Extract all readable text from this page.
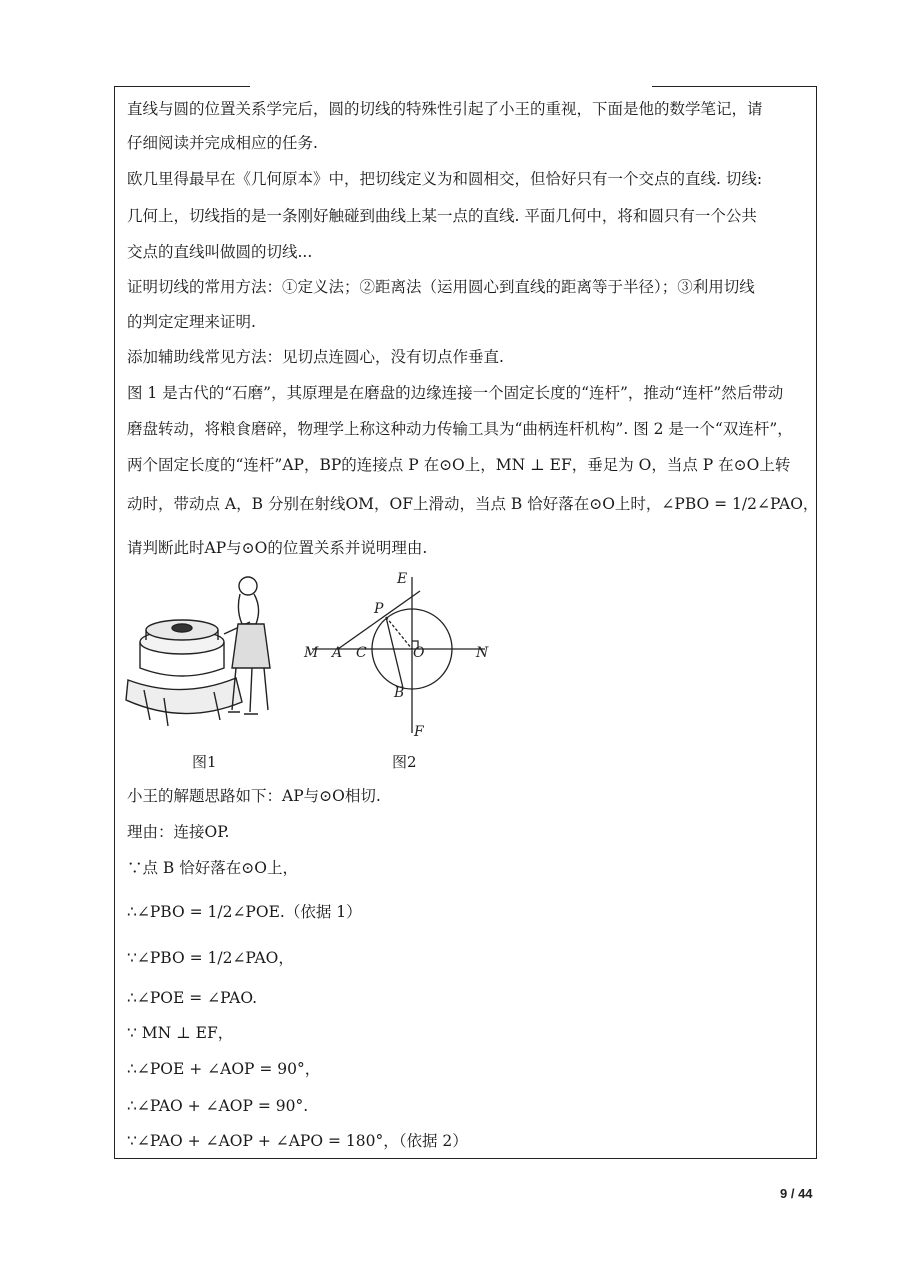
直线与圆的位置关系学完后，圆的切线的特殊性引起了小王的重视，下面是他的数学笔记，请
仔细阅读并完成相应的任务.
欧几里得最早在《几何原本》中，把切线定义为和圆相交，但恰好只有一个交点的直线. 切线:
几何上，切线指的是一条刚好触碰到曲线上某一点的直线. 平面几何中，将和圆只有一个公共
交点的直线叫做圆的切线...
证明切线的常用方法：①定义法；②距离法（运用圆心到直线的距离等于半径）；③利用切线
的判定定理来证明.
添加辅助线常见方法：见切点连圆心，没有切点作垂直.
图 1 是古代的“石磨”，其原理是在磨盘的边缘连接一个固定长度的“连杆”，推动“连杆”然后带动
磨盘转动，将粮食磨碎，物理学上称这种动力传输工具为“曲柄连杆机构”. 图 2 是一个“双连杆”，
两个固定长度的“连杆”AP，BP的连接点 P 在⊙O上，MN ⊥ EF，垂足为 O，当点 P 在⊙O上转
动时，带动点 A，B 分别在射线OM，OF上滑动，当点 B 恰好落在⊙O上时，∠PBO = 1/2∠PAO，
请判断此时AP与⊙O的位置关系并说明理由.
图1
E
P
M A C	O	N
B
F
图2
小王的解题思路如下：AP与⊙O相切.
理由：连接OP.
∵点 B 恰好落在⊙O上，
∴∠PBO = 1/2∠POE.（依据 1）
∵∠PBO = 1/2∠PAO，
∴∠POE = ∠PAO.
∵ MN ⊥ EF，
∴∠POE + ∠AOP = 90°，
∴∠PAO + ∠AOP = 90°.
∵∠PAO + ∠AOP + ∠APO = 180°，（依据 2）
9 / 44
